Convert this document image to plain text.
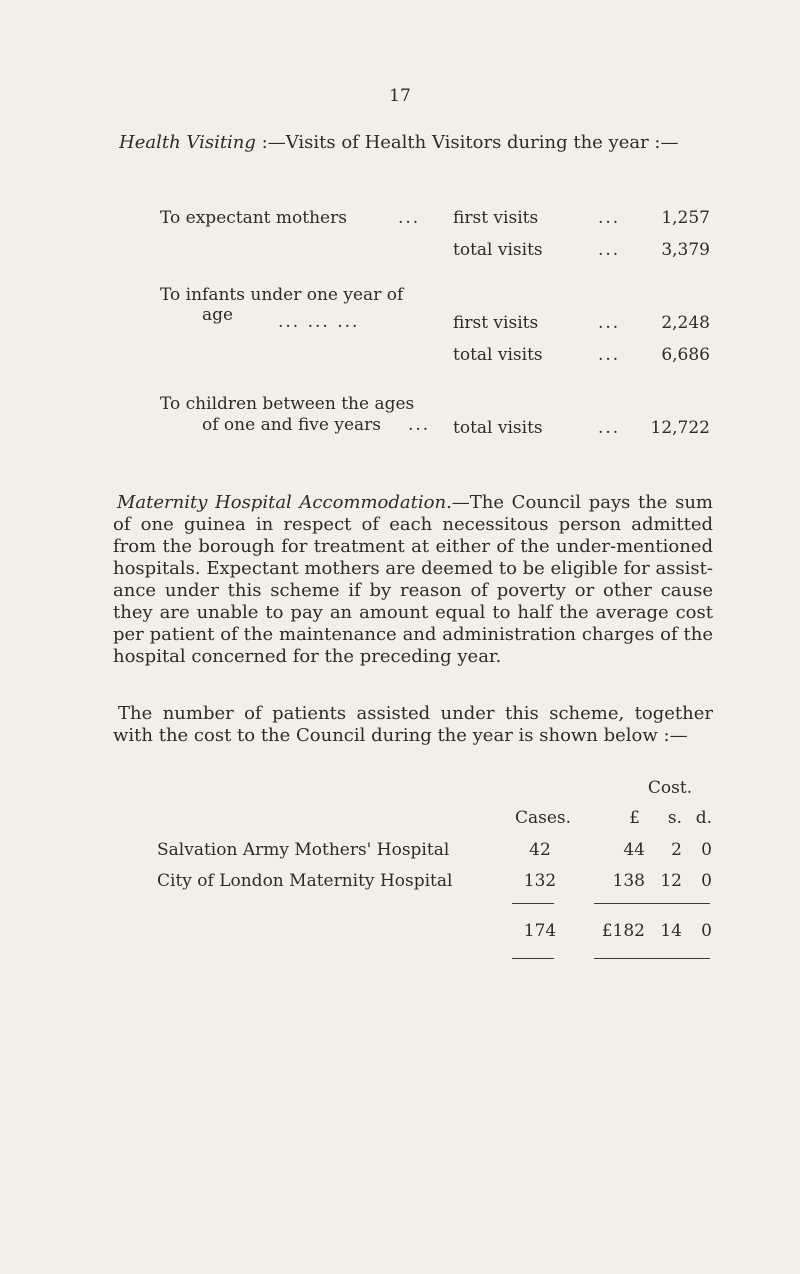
17
Health Visiting :—Visits of Health Visitors during the year :—
To expectant mothers	... first visits	...	1,257
total visits	...	3,379
To infants under one year of
age	... ... ...	first visits	...	2,248
total visits	...	6,686
To children between the ages
of one and five years ... total visits	...	12,722
Maternity Hospital Accommodation.—The Council pays the sum of one guinea in respect of each necessitous person admitted from the borough for treatment at either of the under-mentioned hospitals. Expectant mothers are deemed to be eligible for assist- ance under this scheme if by reason of poverty or other cause they are unable to pay an amount equal to half the average cost per patient of the maintenance and administration charges of the hospital concerned for the preceding year.
The number of patients assisted under this scheme, together with the cost to the Council during the year is shown below :—
Cost.
Cases.	£	s. d.
Salvation Army Mothers' Hospital	42	44	2	0
City of London Maternity Hospital	132	138 12	0
174	£182 14	0
